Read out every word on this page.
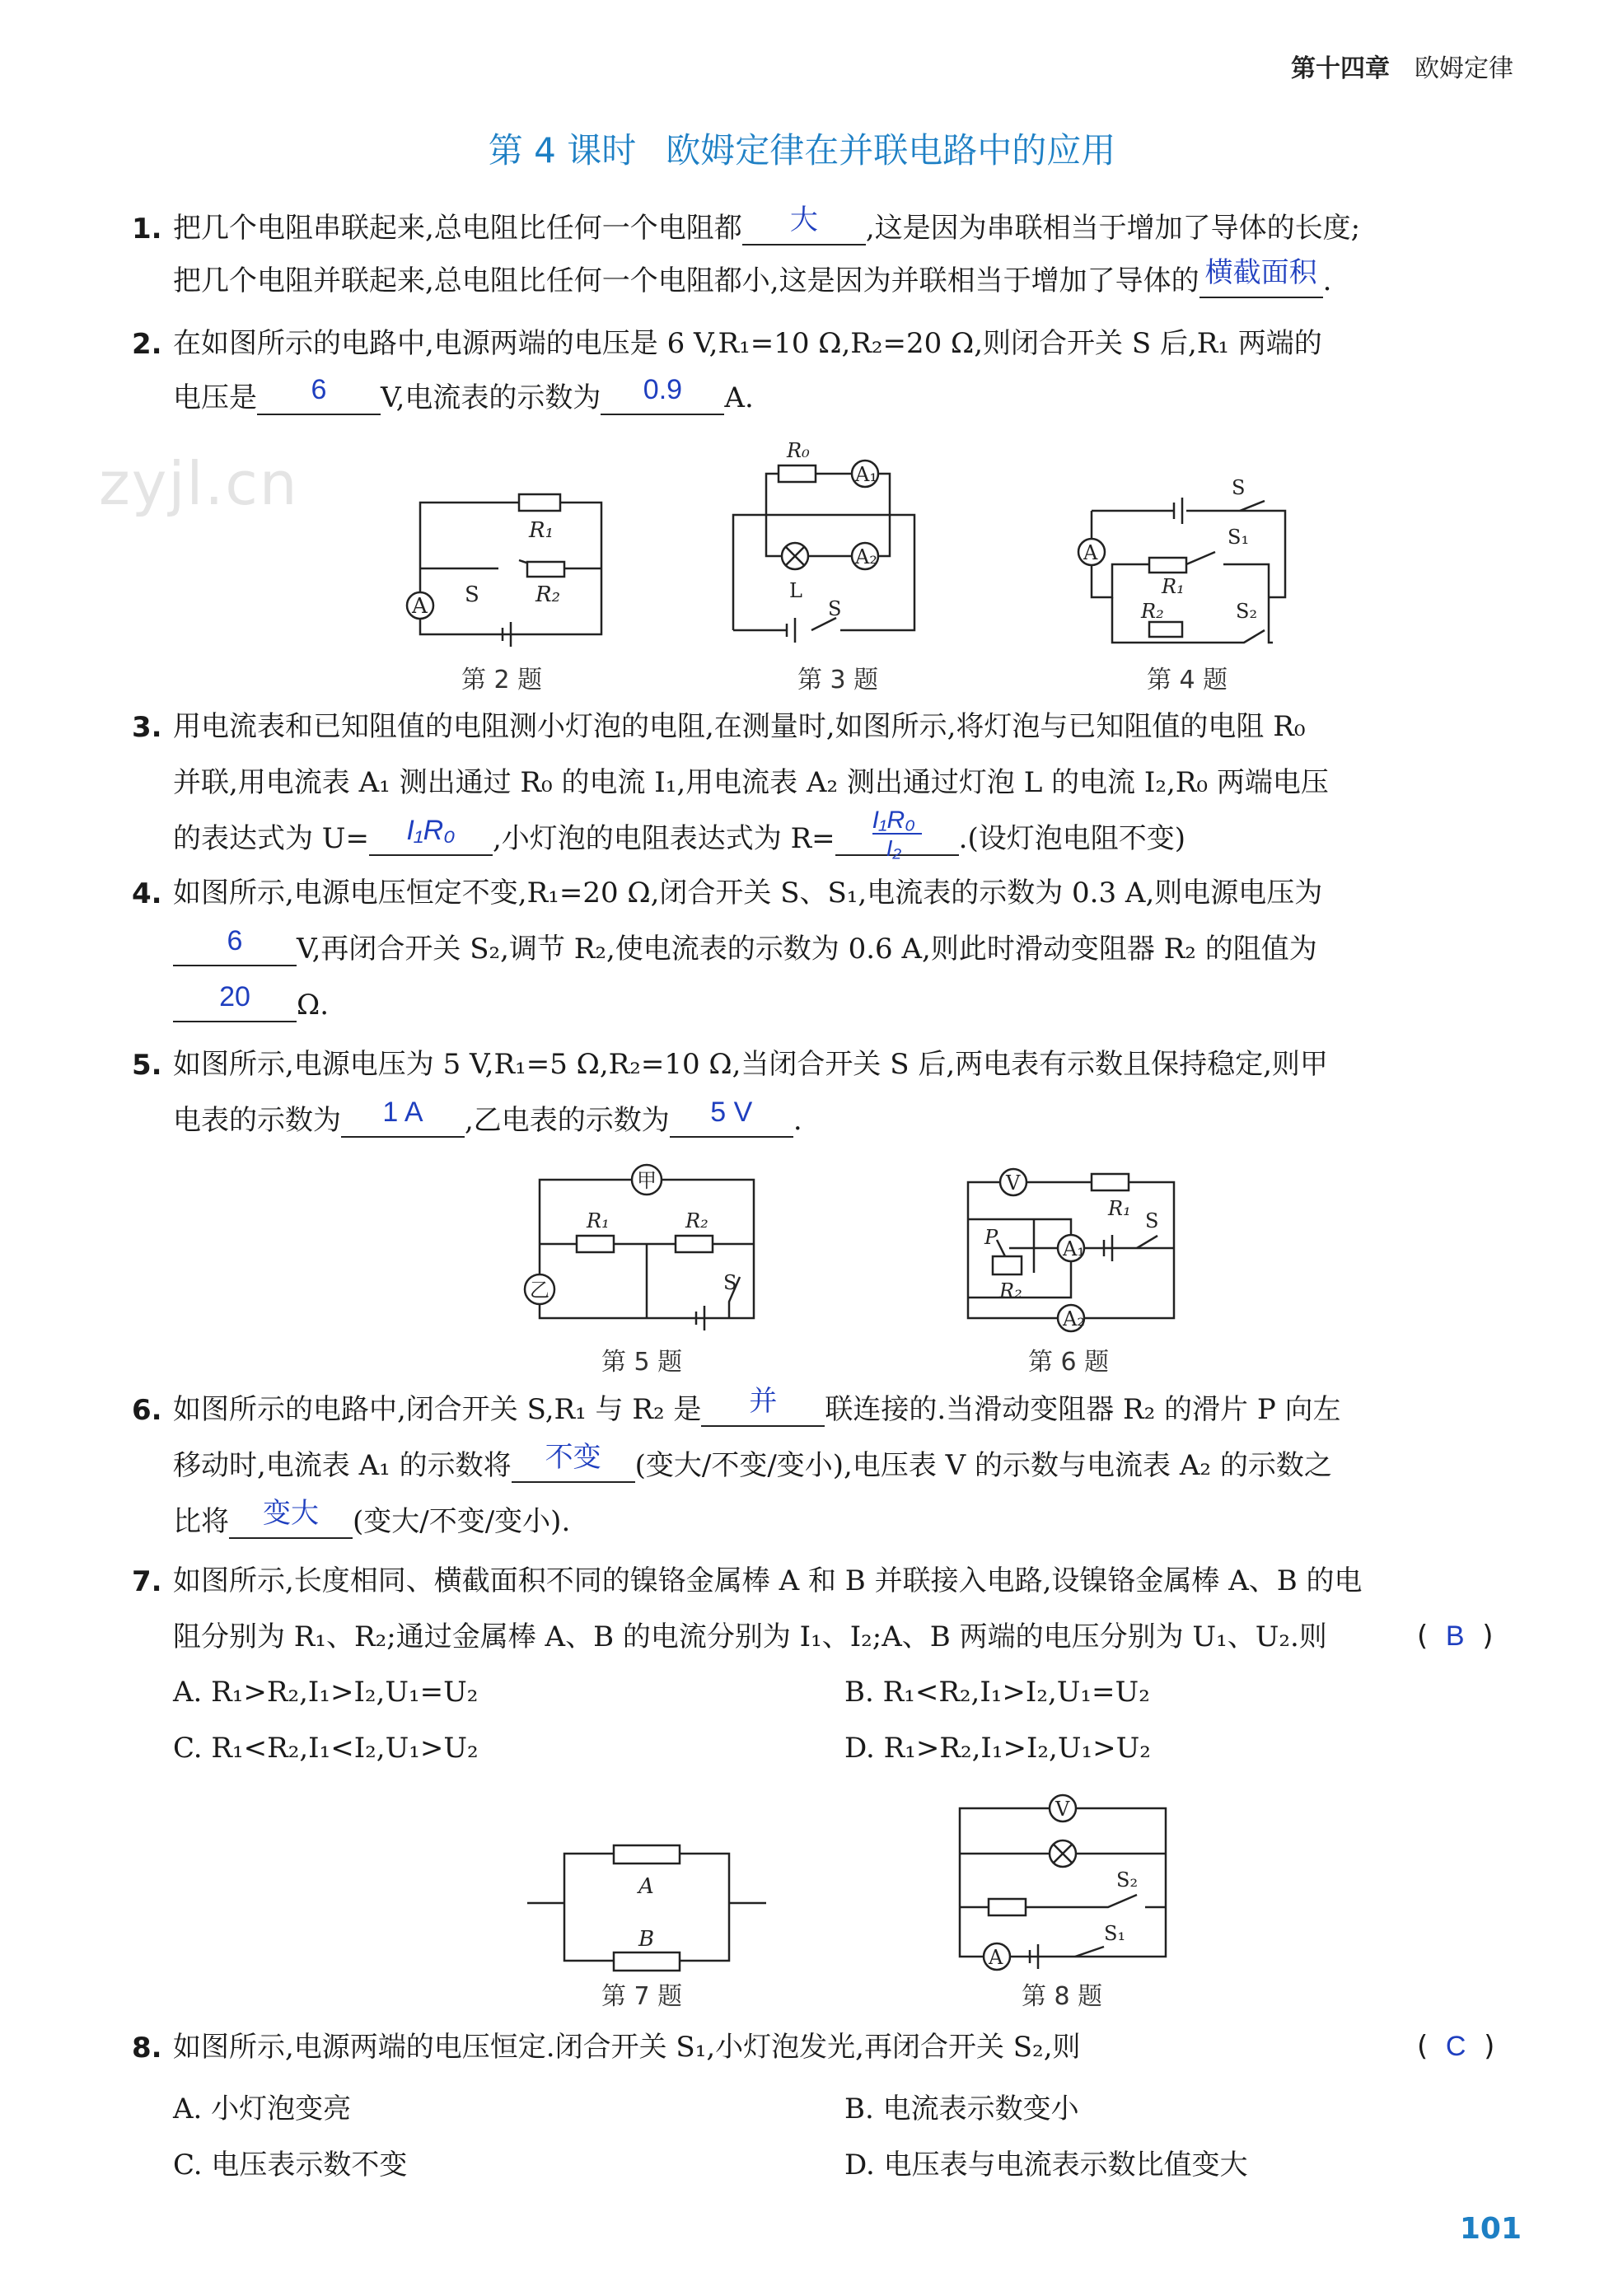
第十四章 欧姆定律
第 4 课时 欧姆定律在并联电路中的应用
zyjl.cn
1. 把几个电阻串联起来,总电阻比任何一个电阻都 大 ,这是因为串联相当于增加了导体的长度;
把几个电阻并联起来,总电阻比任何一个电阻都小,这是因为并联相当于增加了导体的 横截面积 .
2. 在如图所示的电路中,电源两端的电压是 6 V,R₁=10 Ω,R₂=20 Ω,则闭合开关 S 后,R₁ 两端的
电压是 6 V,电流表的示数为 0.9 A.
A
R₁
S	R₂
第 2 题
R₀
A₁
A₂
L
S
第 3 题
A
S
S₁
R₁
R₂	S₂
第 4 题
3. 用电流表和已知阻值的电阻测小灯泡的电阻,在测量时,如图所示,将灯泡与已知阻值的电阻 R₀
并联,用电流表 A₁ 测出通过 R₀ 的电流 I₁,用电流表 A₂ 测出通过灯泡 L 的电流 I₂,R₀ 两端电压
的表达式为 U= I₁R₀ ,小灯泡的电阻表达式为 $R= \frac{\text{I₁R₀}}{\text{I₂}}$ .(设灯泡电阻不变)
4. 如图所示,电源电压恒定不变,R₁=20 Ω,闭合开关 S、S₁,电流表的示数为 0.3 A,则电源电压为
6 V,再闭合开关 S₂,调节 R₂,使电流表的示数为 0.6 A,则此时滑动变阻器 R₂ 的阻值为
20 Ω.
5. 如图所示,电源电压为 5 V,R₁=5 Ω,R₂=10 Ω,当闭合开关 S 后,两电表有示数且保持稳定,则甲
电表的示数为 1 A ,乙电表的示数为 5 V .
甲
乙
R₁	R₂
S
第 5 题
V
A₁
A₂
R₁
S
P
R₂
第 6 题
6. 如图所示的电路中,闭合开关 S,R₁ 与 R₂ 是 并 联连接的.当滑动变阻器 R₂ 的滑片 P 向左
移动时,电流表 A₁ 的示数将 不变 (变大/不变/变小),电压表 V 的示数与电流表 A₂ 的示数之
比将 变大 (变大/不变/变小).
7. 如图所示,长度相同、横截面积不同的镍铬金属棒 A 和 B 并联接入电路,设镍铬金属棒 A、B 的电
阻分别为 R₁、R₂;通过金属棒 A、B 的电流分别为 I₁、I₂;A、B 两端的电压分别为 U₁、U₂.则	(  B  )
A. R₁>R₂,I₁>I₂,U₁=U₂	B. R₁<R₂,I₁>I₂,U₁=U₂
C. R₁<R₂,I₁<I₂,U₁>U₂	D. R₁>R₂,I₁>I₂,U₁>U₂
A
B
第 7 题
V
A
S₂
S₁
第 8 题
8. 如图所示,电源两端的电压恒定.闭合开关 S₁,小灯泡发光,再闭合开关 S₂,则	(  C  )
A. 小灯泡变亮	B. 电流表示数变小
C. 电压表示数不变	D. 电压表与电流表示数比值变大
101
